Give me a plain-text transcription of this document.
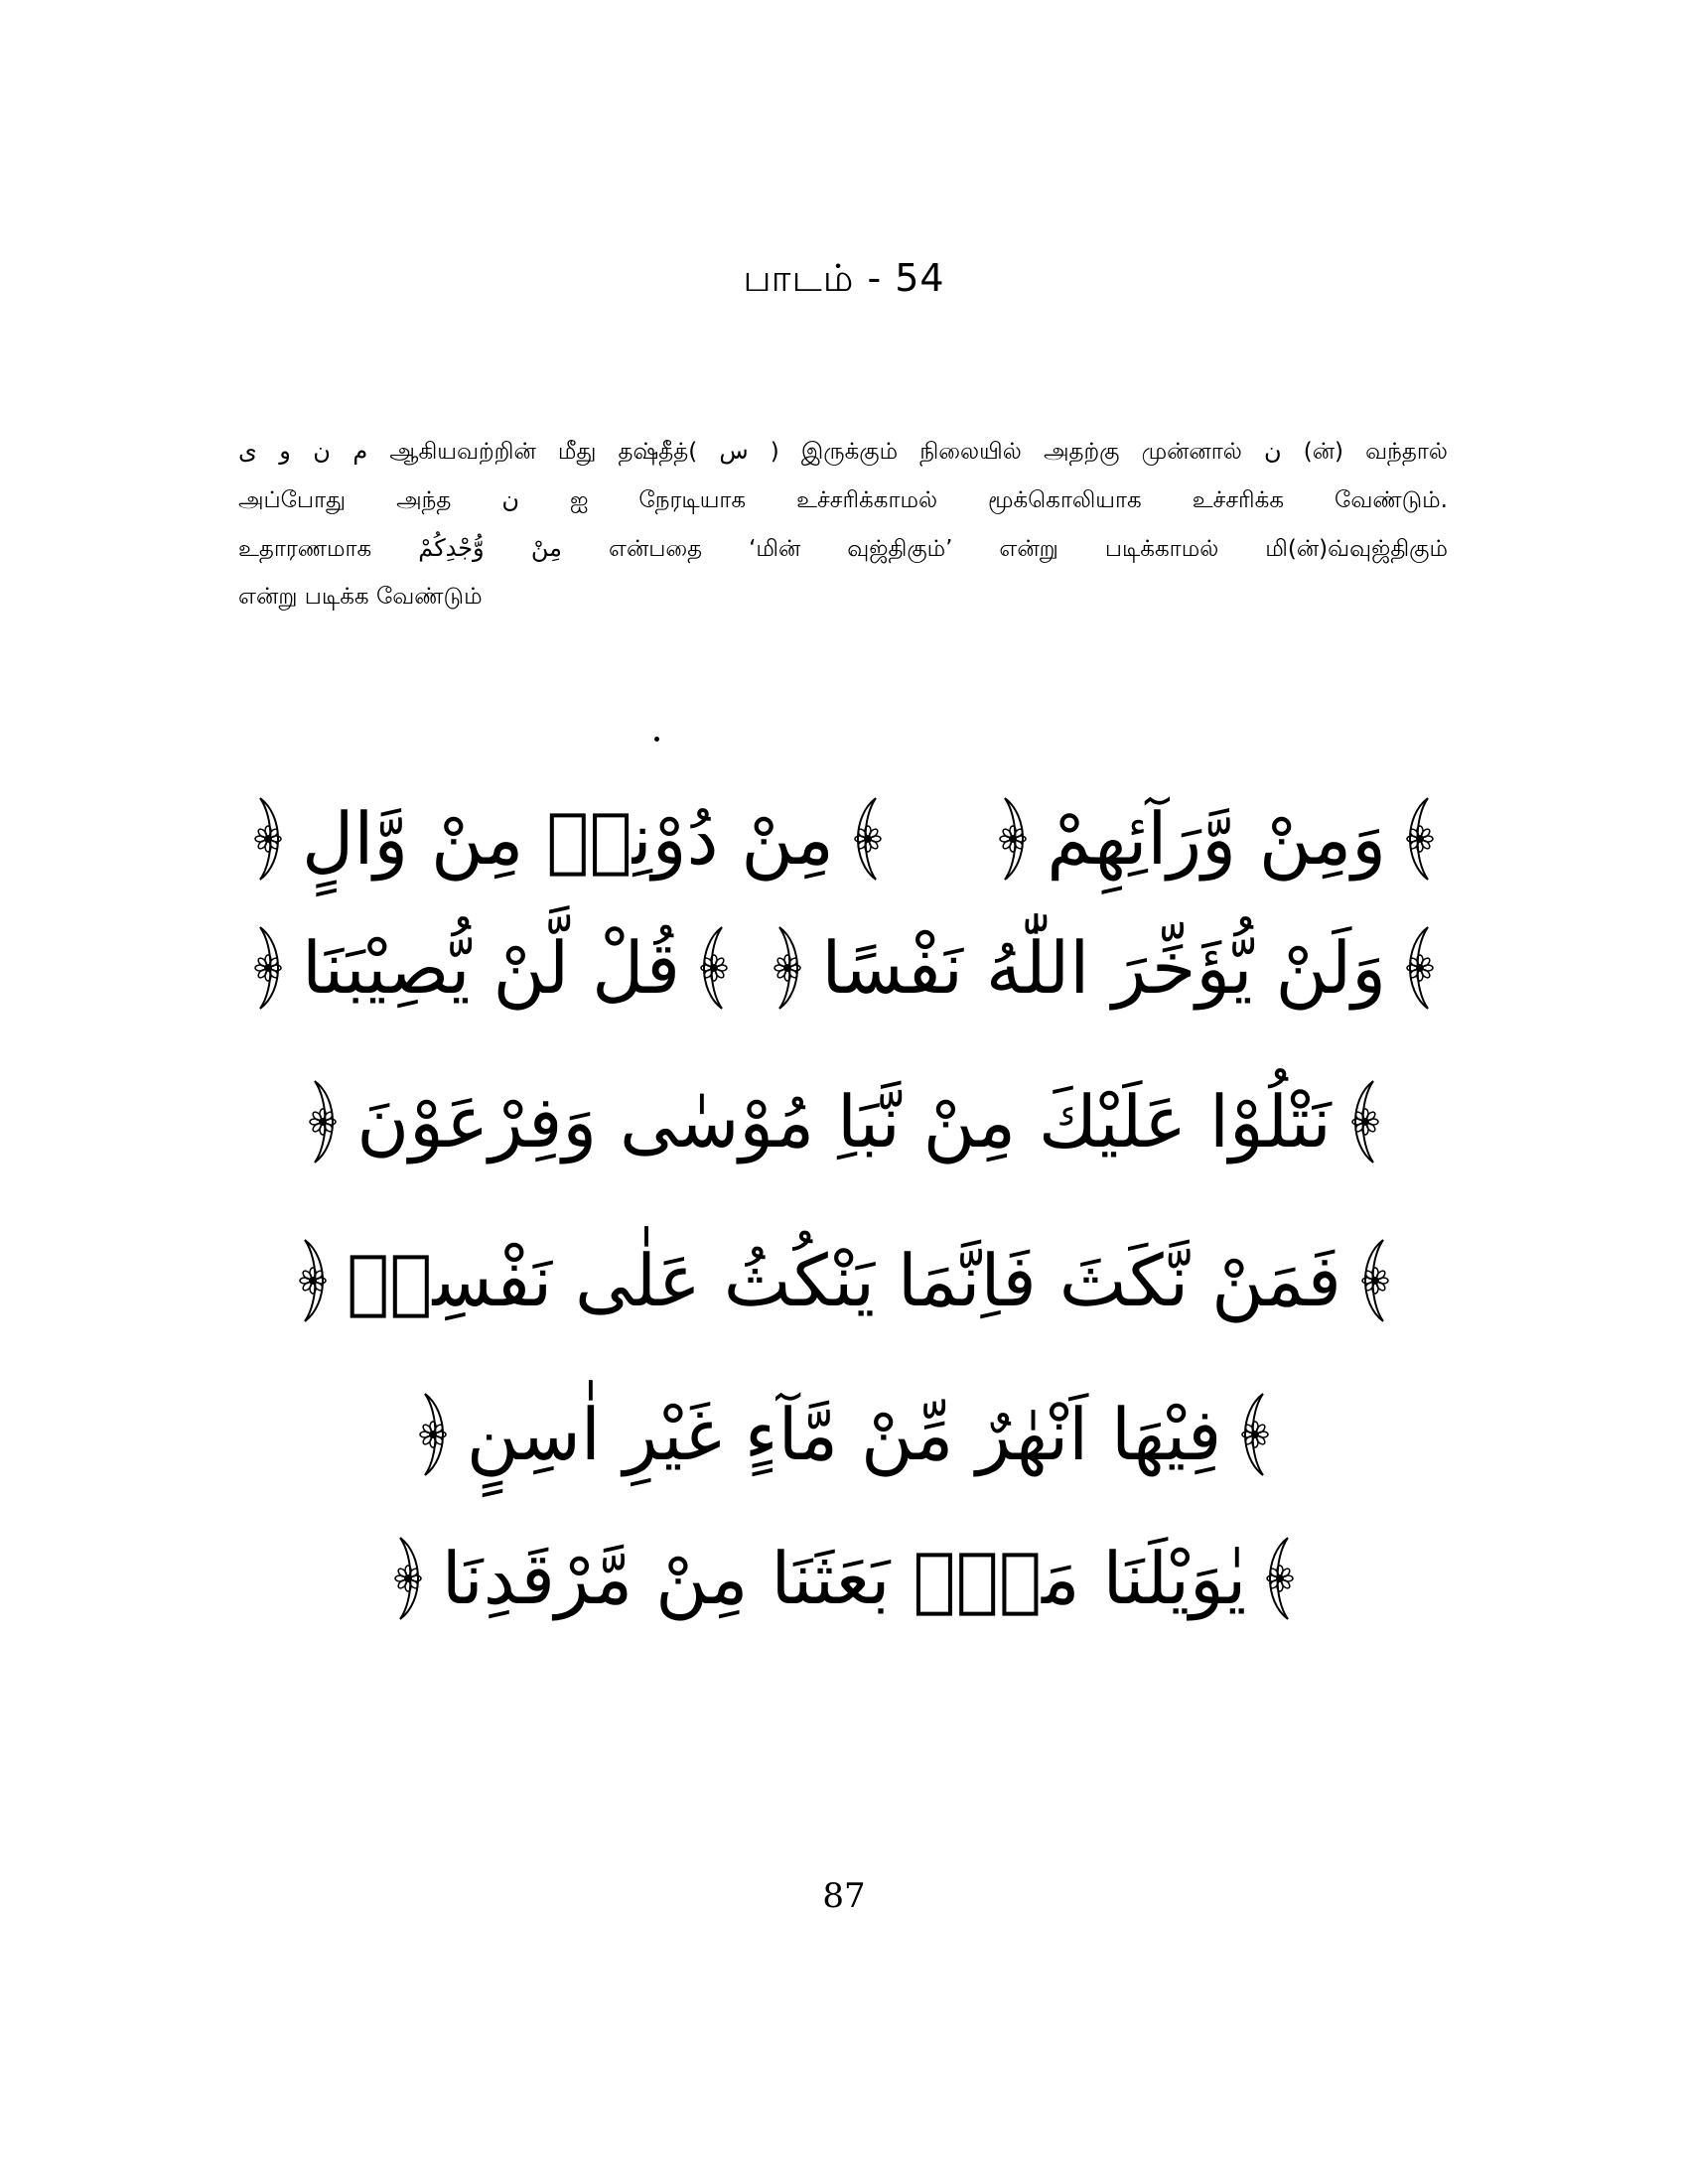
பாடம் - 54

م ن و ى ஆகியவற்றின் மீது தஷ்தீத்( س ) இருக்கும் நிலையில் அதற்கு முன்னால் ن (ன்) வந்தால்

அப்போது அந்த ن ஐ நேரடியாக உச்சரிக்காமல் மூக்கொலியாக உச்சரிக்க வேண்டும்.

உதாரணமாக مِنْ وُّجْدِكُمْ என்பதை ‘மின் வுஜ்திகும்’ என்று படிக்காமல் மி(ன்)வ்வுஜ்திகும்

என்று படிக்க வேண்டும்

وَمِنْ وَّرَآئِهِمْ
مِنْ دُوْنِهٖ مِنْ وَّالٍ
وَلَنْ يُّؤَخِّرَ اللّٰهُ نَفْسًا
قُلْ لَّنْ يُّصِيْبَنَا
نَتْلُوْا عَلَيْكَ مِنْ نَّبَاِ مُوْسٰى وَفِرْعَوْنَ
فَمَنْ نَّكَثَ فَاِنَّمَا يَنْكُثُ عَلٰى نَفْسِهٖ
فِيْهَا اَنْهٰرٌ مِّنْ مَّآءٍ غَيْرِ اٰسِنٍ
يٰوَيْلَنَا مَنْۢ بَعَثَنَا مِنْ مَّرْقَدِنَا
87
